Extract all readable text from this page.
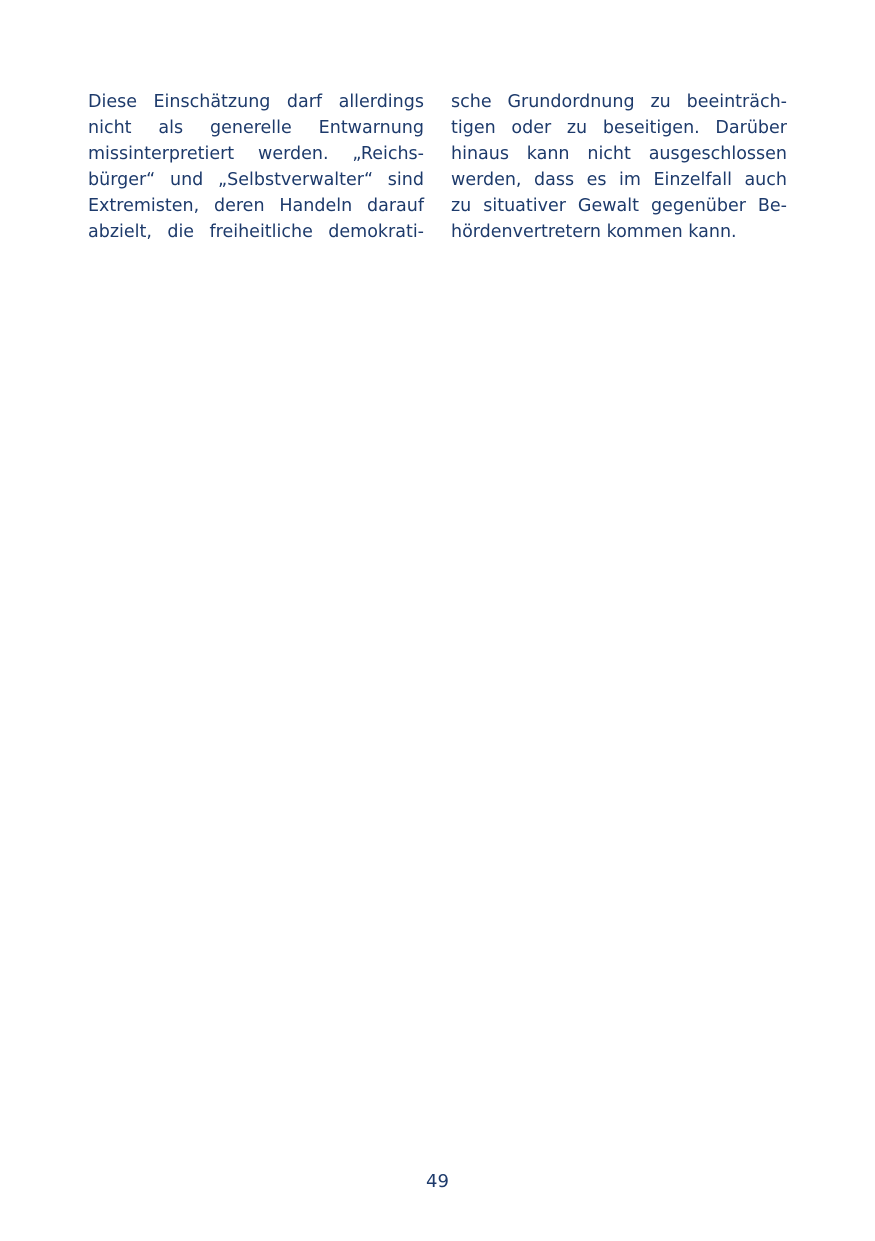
Diese Einschätzung darf allerdings
nicht als generelle Entwarnung
missinterpretiert werden. „Reichs-
bürger“ und „Selbstverwalter“ sind
Extremisten, deren Handeln darauf
abzielt, die freiheitliche demokrati-
sche Grundordnung zu beeinträch-
tigen oder zu beseitigen. Darüber
hinaus kann nicht ausgeschlossen
werden, dass es im Einzelfall auch
zu situativer Gewalt gegenüber Be-
hördenvertretern kommen kann.
49
